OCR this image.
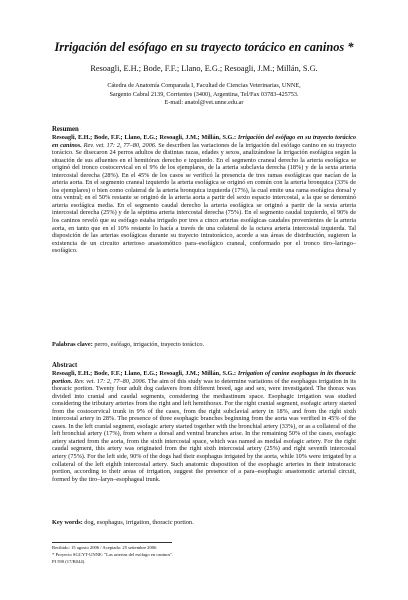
Irrigación del esófago en su trayecto torácico en caninos *
Resoagli, E.H.; Bode, F.F.; Llano, E.G.; Resoagli, J.M.; Millán, S.G.
Cátedra de Anatomía Comparada I, Facultad de Ciencias Veterinarias, UNNE,
Sargento Cabral 2139, Corrientes (3400), Argentina, Tel/Fax 03783-425753.
E-mail: anatol@vet.unne.edu.ar
Resumen

Resoagli, E.H.; Bode, F.F.; Llano, E.G.; Resoagli, J.M.; Millán, S.G.: Irrigación del esófago en su trayecto torácico en caninos. Rev. vet. 17: 2, 77–80, 2006. Se describen las variaciones de la irrigación del esófago canino en su trayecto torácico. Se disecaron 24 perros adultos de distintas razas, edades y sexos, analizándose la irrigación esofágica según la situación de sus afluentes en el hemitórax derecho e izquierdo. En el segmento craneal derecho la arteria esofágica se originó del tronco costocervical en el 9% de los ejemplares, de la arteria subclavia derecha (18%) y de la sexta arteria intercostal derecha (28%). En el 45% de los casos se verificó la presencia de tres ramas esofágicas que nacían de la arteria aorta. En el segmento craneal izquierdo la arteria esofágica se originó en común con la arteria bronquica (33% de los ejemplares) o bien como colateral de la arteria bronquica izquierda (17%), la cual emite una rama esofágica dorsal y otra ventral; en el 50% restante se originó de la arteria aorta a partir del sexto espacio intercostal, a la que se denominó arteria esofágica media. En el segmento caudal derecho la arteria esofágica se originó a partir de la sexta arteria intercostal derecha (25%) y de la séptima arteria intercostal derecha (75%). En el segmento caudal izquierdo, el 90% de los caninos reveló que su esófago estaba irrigado por tres a cinco arterias esofágicas caudales provenientes de la arteria aorta, en tanto que en el 10% restante lo hacía a través de una colateral de la octava arteria intercostal izquierda. Tal disposición de las arterias esofágicas durante su trayecto intratorácico, acorde a sus áreas de distribución, sugieren la existencia de un circuito arterioso anastomótico para–esofágico craneal, conformado por el tronco tiro–laringo–esofágico.

Palabras clave: perro, esófago, irrigación, trayecto torácico.
Abstract

Resoagli, E.H.; Bode, F.F.; Llano, E.G.; Resoagli, J.M.; Millán, S.G.: Irrigation of canine esophagus in its thoracic portion. Rev. vet. 17: 2, 77–80, 2006. The aim of this study was to determine variations of the esophagus irrigation in its thoracic portion. Twenty four adult dog cadavers from different breed, age and sex, were investigated. The thorax was divided into cranial and caudal segments, considering the mediastinum space. Esophagic irrigation was studied considering the tributary arteries from the right and left hemithorax. For the right cranial segment, esofagic artery started from the costocervical trunk in 9% of the cases, from the right subclavial artery in 18%, and from the right sixth intercostal artery in 28%. The presence of three esophagic branches beginning from the aorta was verified in 45% of the cases. In the left cranial segment, esofagic artery started together with the bronchial artery (33%), or as a collateral of the left bronchial artery (17%), from where a dorsal and ventral branches arise. In the remaining 50% of the cases, esofagic artery started from the aorta, from the sixth intercostal space, which was named as medial esofagic artery. For the right caudal segment, this artery was originated from the right sixth intercostal artery (25%) and right seventh intercostal artery (75%). For the left side, 90% of the dogs had their esophagus irrigated by the aorta, while 10% were irrigated by a collateral of the left eighth intercostal artery. Such anatomic disposition of the esophagic arteries in their intratoracic portion, according to their areas of irrigation, suggest the presence of a para–esophagic anastomotic arterial circuit, formed by the tiro–laryn–esophageal trunk.

Key words: dog, esophagus, irrigation, thoracic portion.
Recibido: 15 agosto 2006 / Aceptado: 25 setiembre 2006
* Proyecto SGCYT-UNNE: "Las arterias del esófago en caninos".
PI 590 (17/B044).
